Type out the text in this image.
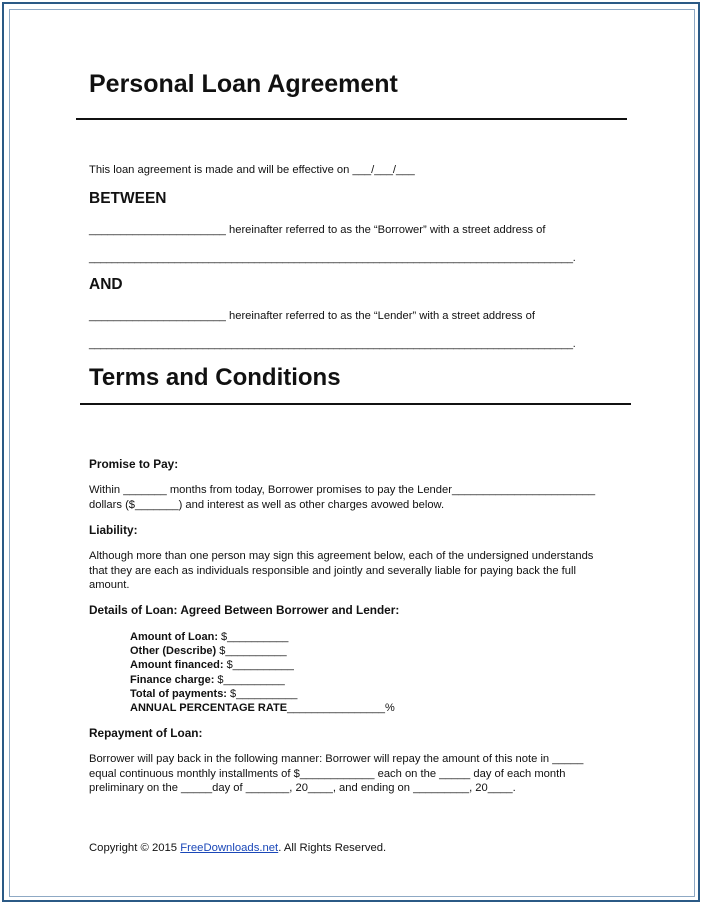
Personal Loan Agreement
This loan agreement is made and will be effective on ___/___/___
BETWEEN
______________________ hereinafter referred to as the “Borrower” with a street address of
_____________________________________________________________________________________.
AND
______________________ hereinafter referred to as the “Lender” with a street address of
_____________________________________________________________________________________.
Terms and Conditions
Promise to Pay:
Within _______ months from today, Borrower promises to pay the Lender_______________________
dollars ($_______) and interest as well as other charges avowed below.
Liability:
Although more than one person may sign this agreement below, each of the undersigned understands
that they are each as individuals responsible and jointly and severally liable for paying back the full
amount.
Details of Loan: Agreed Between Borrower and Lender:
Amount of Loan: $__________
Other (Describe) $__________
Amount financed: $__________
Finance charge: $__________
Total of payments: $__________
ANNUAL PERCENTAGE RATE________________%
Repayment of Loan:
Borrower will pay back in the following manner: Borrower will repay the amount of this note in _____
equal continuous monthly installments of $____________ each on the _____ day of each month
preliminary on the _____day of _______, 20____, and ending on _________, 20____.
Copyright © 2015 FreeDownloads.net. All Rights Reserved.
